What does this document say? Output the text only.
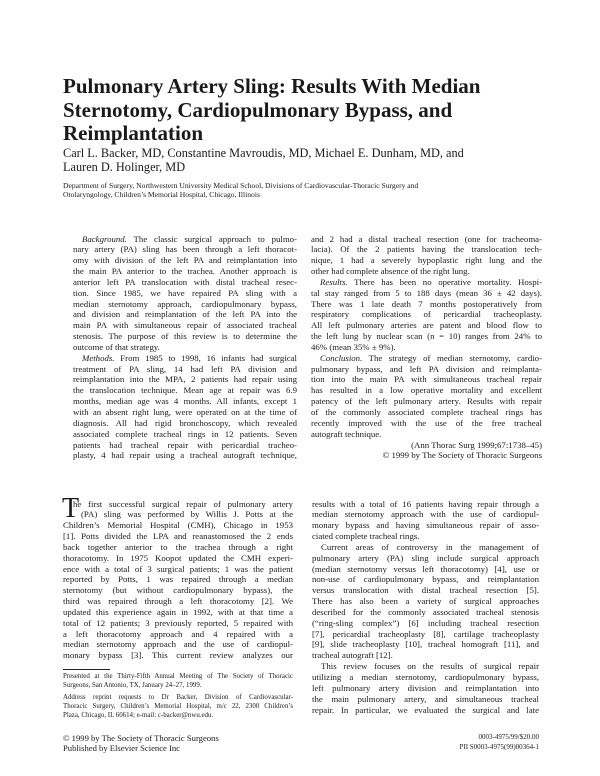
Pulmonary Artery Sling: Results With Median
Sternotomy, Cardiopulmonary Bypass, and
Reimplantation
Carl L. Backer, MD, Constantine Mavroudis, MD, Michael E. Dunham, MD, and
Lauren D. Holinger, MD
Department of Surgery, Northwestern University Medical School, Divisions of Cardiovascular-Thoracic Surgery and
Otolaryngology, Children’s Memorial Hospital, Chicago, Illinois
Background. The classic surgical approach to pulmo-
nary artery (PA) sling has been through a left thoracot-
omy with division of the left PA and reimplantation into
the main PA anterior to the trachea. Another approach is
anterior left PA translocation with distal tracheal resec-
tion. Since 1985, we have repaired PA sling with a
median sternotomy approach, cardiopulmonary bypass,
and division and reimplantation of the left PA into the
main PA with simultaneous repair of associated tracheal
stenosis. The purpose of this review is to determine the
outcome of that strategy.
Methods. From 1985 to 1998, 16 infants had surgical
treatment of PA sling, 14 had left PA division and
reimplantation into the MPA, 2 patients had repair using
the translocation technique. Mean age at repair was 6.9
months, median age was 4 months. All infants, except 1
with an absent right lung, were operated on at the time of
diagnosis. All had rigid bronchoscopy, which revealed
associated complete tracheal rings in 12 patients. Seven
patients had tracheal repair with pericardial tracheo-
plasty, 4 had repair using a tracheal autograft technique,
and 2 had a distal tracheal resection (one for tracheoma-
lacia). Of the 2 patients having the translocation tech-
nique, 1 had a severely hypoplastic right lung and the
other had complete absence of the right lung.
Results. There has been no operative mortality. Hospi-
tal stay ranged from 5 to 188 days (mean 36 ± 42 days).
There was 1 late death 7 months postoperatively from
respiratory complications of pericardial tracheoplasty.
All left pulmonary arteries are patent and blood flow to
the left lung by nuclear scan (n = 10) ranges from 24% to
46% (mean 35% ± 9%).
Conclusion. The strategy of median sternotomy, cardio-
pulmonary bypass, and left PA division and reimplanta-
tion into the main PA with simultaneous tracheal repair
has resulted in a low operative mortality and excellent
patency of the left pulmonary artery. Results with repair
of the commonly associated complete tracheal rings has
recently improved with the use of the free tracheal
autograft technique.
(Ann Thorac Surg 1999;67:1738–45)
© 1999 by The Society of Thoracic Surgeons
T
he first successful surgical repair of pulmonary artery
(PA) sling was performed by Willis J. Potts at the
Children’s Memorial Hospital (CMH), Chicago in 1953
[1]. Potts divided the LPA and reanastomosed the 2 ends
back together anterior to the trachea through a right
thoracotomy. In 1975 Koopot updated the CMH experi-
ence with a total of 3 surgical patients; 1 was the patient
reported by Potts, 1 was repaired through a median
sternotomy (but without cardiopulmonary bypass), the
third was repaired through a left thoracotomy [2]. We
updated this experience again in 1992, with at that time a
total of 12 patients; 3 previously reported, 5 repaired with
a left thoracotomy approach and 4 repaired with a
median sternotomy approach and the use of cardiopul-
monary bypass [3]. This current review analyzes our
results with a total of 16 patients having repair through a
median sternotomy approach with the use of cardiopul-
monary bypass and having simultaneous repair of asso-
ciated complete tracheal rings.
Current areas of controversy in the management of
pulmonary artery (PA) sling include surgical approach
(median sternotomy versus left thoracotomy) [4], use or
non-use of cardiopulmonary bypass, and reimplantation
versus translocation with distal tracheal resection [5].
There has also been a variety of surgical approaches
described for the commonly associated tracheal stenosis
(“ring-sling complex”) [6] including tracheal resection
[7], pericardial tracheoplasty [8], cartilage tracheoplasty
[9], slide tracheoplasty [10], tracheal homograft [11], and
tracheal autograft [12].
This review focuses on the results of surgical repair
utilizing a median sternotomy, cardiopulmonary bypass,
left pulmonary artery division and reimplantation into
the main pulmonary artery, and simultaneous tracheal
repair. In particular, we evaluated the surgical and late
Presented at the Thirty-Fifth Annual Meeting of The Society of Thoracic
Surgeons, San Antonio, TX, January 24–27, 1999.
Address reprint requests to Dr Backer, Division of Cardiovascular-
Thoracic Surgery, Children’s Memorial Hospital, m/c 22, 2300 Children’s
Plaza, Chicago, IL 60614; e-mail: c-backer@nwu.edu.
© 1999 by The Society of Thoracic Surgeons
Published by Elsevier Science Inc
0003-4975/99/$20.00
PII S0003-4975(99)00364-1
